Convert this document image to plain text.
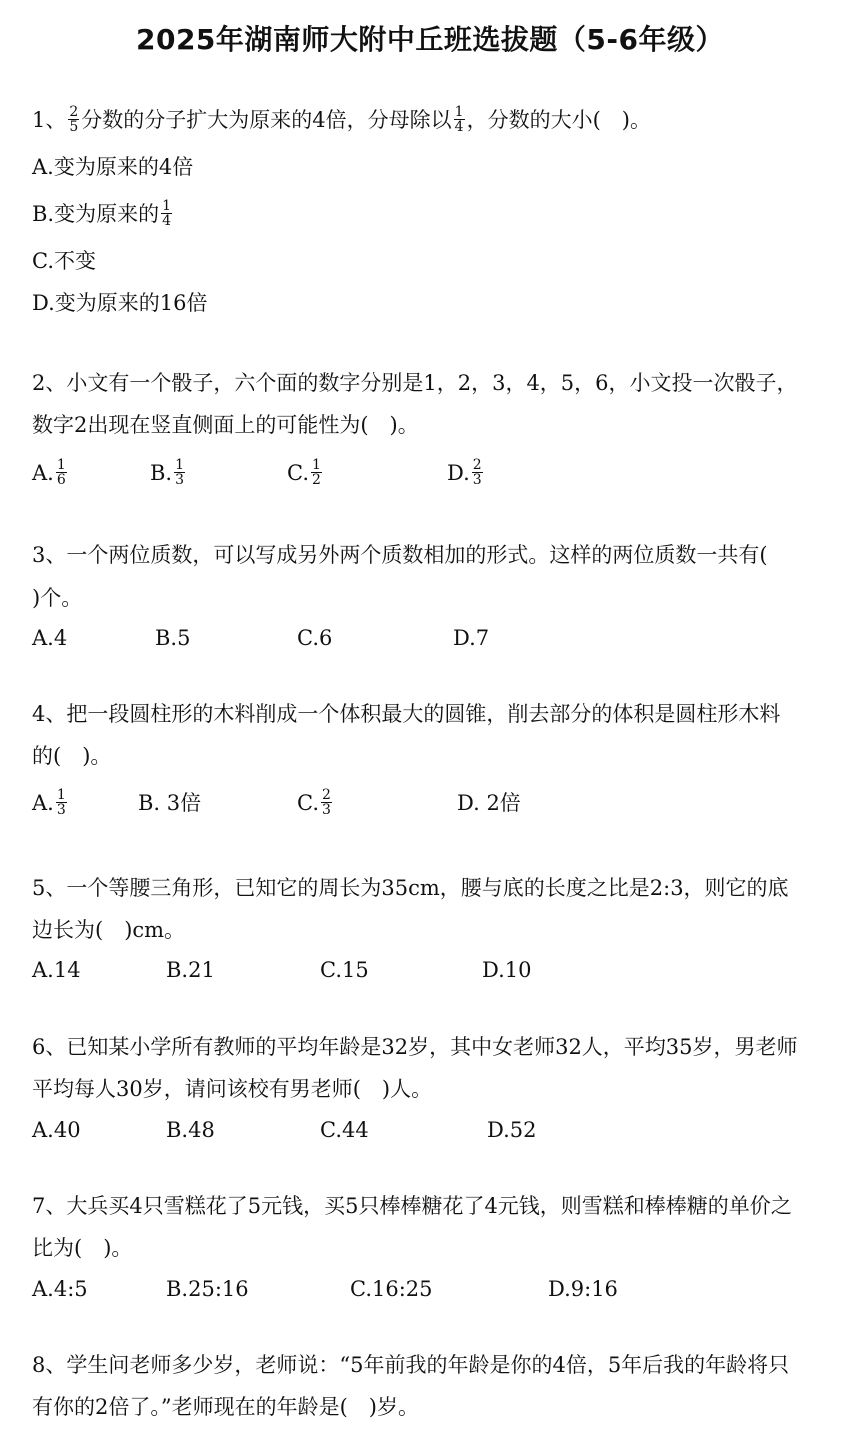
2025年湖南师大附中丘班选拔题（5-6年级）
1、 $\frac{2}{5}$ 分数的分子扩大为原来的4倍，分母除以 $\frac{1}{4}$ ，分数的大小(　)。
A.变为原来的4倍
B.变为原来的 $\frac{1}{4}$
C.不变
D.变为原来的16倍
2、小文有一个骰子，六个面的数字分别是1，2，3，4，5，6，小文投一次骰子，
数字2出现在竖直侧面上的可能性为(　)。
A. $\frac{1}{6}$	B. $\frac{1}{3}$	C. $\frac{1}{2}$	D. $\frac{2}{3}$
3、一个两位质数，可以写成另外两个质数相加的形式。这样的两位质数一共有(
)个。
A.4	B.5	C.6	D.7
4、把一段圆柱形的木料削成一个体积最大的圆锥，削去部分的体积是圆柱形木料
的(　)。
A. $\frac{1}{3}$	B. 3倍	C. $\frac{2}{3}$	D. 2倍
5、一个等腰三角形，已知它的周长为35cm，腰与底的长度之比是2:3，则它的底
边长为(　)cm。
A.14	B.21	C.15	D.10
6、已知某小学所有教师的平均年龄是32岁，其中女老师32人，平均35岁，男老师
平均每人30岁，请问该校有男老师(　)人。
A.40	B.48	C.44	D.52
7、大兵买4只雪糕花了5元钱，买5只棒棒糖花了4元钱，则雪糕和棒棒糖的单价之
比为(　)。
A.4:5	B.25:16	C.16:25	D.9:16
8、学生问老师多少岁，老师说：“5年前我的年龄是你的4倍，5年后我的年龄将只
有你的2倍了。”老师现在的年龄是(　)岁。
